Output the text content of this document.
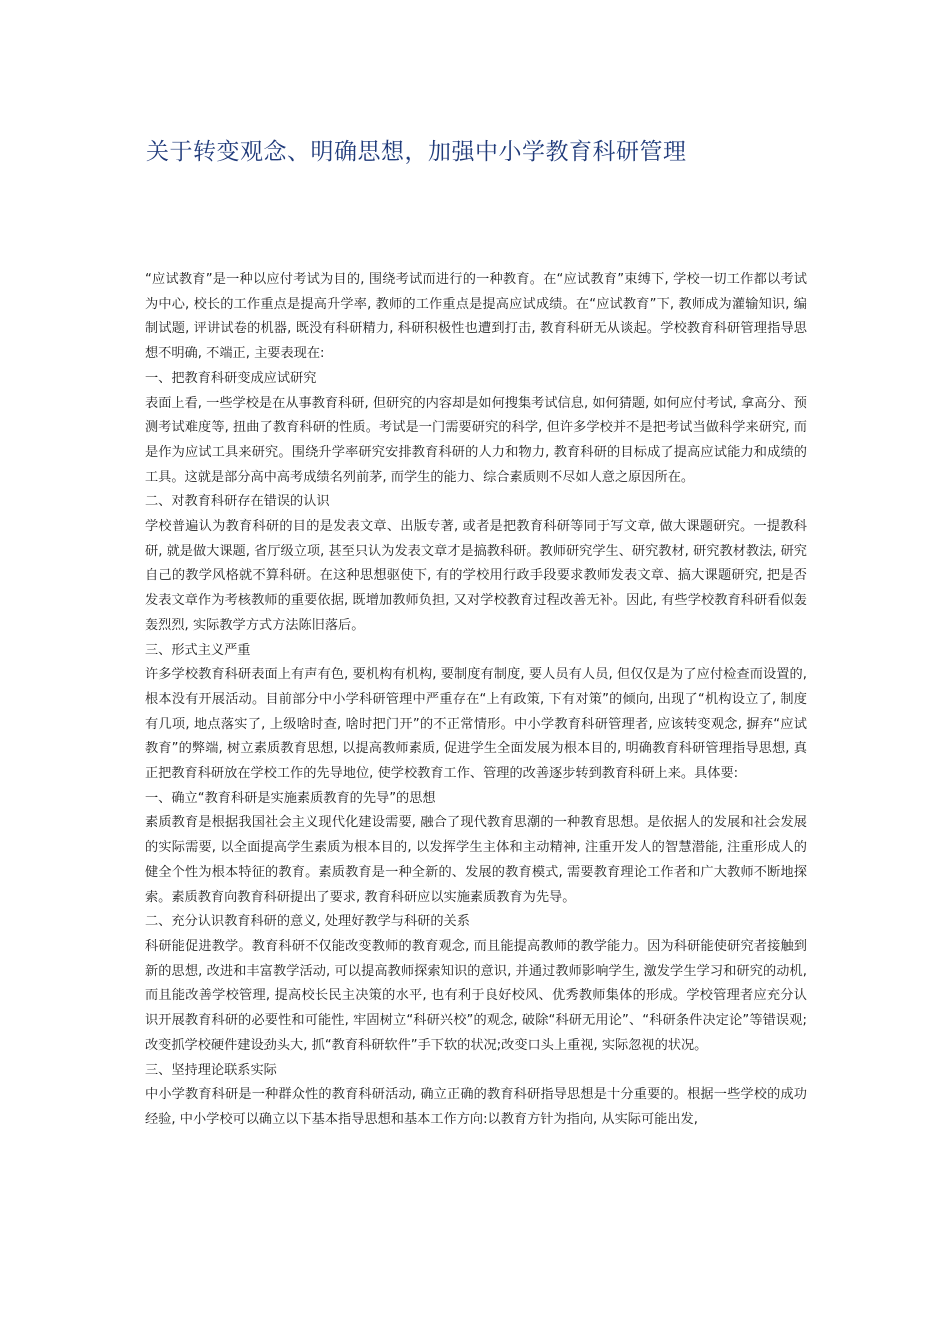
关于转变观念、明确思想，加强中小学教育科研管理

“应试教育”是一种以应付考试为目的, 围绕考试而进行的一种教育。在“应试教育”束缚下, 学校一切工作都以考试为中心, 校长的工作重点是提高升学率, 教师的工作重点是提高应试成绩。在“应试教育”下, 教师成为灌输知识, 编制试题, 评讲试卷的机器, 既没有科研精力, 科研积极性也遭到打击, 教育科研无从谈起。学校教育科研管理指导思想不明确, 不端正, 主要表现在:

一、把教育科研变成应试研究

表面上看, 一些学校是在从事教育科研, 但研究的内容却是如何搜集考试信息, 如何猜题, 如何应付考试, 拿高分、预测考试难度等, 扭曲了教育科研的性质。考试是一门需要研究的科学, 但许多学校并不是把考试当做科学来研究, 而是作为应试工具来研究。围绕升学率研究安排教育科研的人力和物力, 教育科研的目标成了提高应试能力和成绩的工具。这就是部分高中高考成绩名列前茅, 而学生的能力、综合素质则不尽如人意之原因所在。

二、对教育科研存在错误的认识

学校普遍认为教育科研的目的是发表文章、出版专著, 或者是把教育科研等同于写文章, 做大课题研究。一提教科研, 就是做大课题, 省厅级立项, 甚至只认为发表文章才是搞教科研。教师研究学生、研究教材, 研究教材教法, 研究自己的教学风格就不算科研。在这种思想驱使下, 有的学校用行政手段要求教师发表文章、搞大课题研究, 把是否发表文章作为考核教师的重要依据, 既增加教师负担, 又对学校教育过程改善无补。因此, 有些学校教育科研看似轰轰烈烈, 实际教学方式方法陈旧落后。

三、形式主义严重

许多学校教育科研表面上有声有色, 要机构有机构, 要制度有制度, 要人员有人员, 但仅仅是为了应付检查而设置的, 根本没有开展活动。目前部分中小学科研管理中严重存在“上有政策, 下有对策”的倾向, 出现了“机构设立了, 制度有几项, 地点落实了, 上级啥时查, 啥时把门开”的不正常情形。中小学教育科研管理者, 应该转变观念, 摒弃“应试教育”的弊端, 树立素质教育思想, 以提高教师素质, 促进学生全面发展为根本目的, 明确教育科研管理指导思想, 真正把教育科研放在学校工作的先导地位, 使学校教育工作、管理的改善逐步转到教育科研上来。具体要:

一、确立“教育科研是实施素质教育的先导”的思想

素质教育是根据我国社会主义现代化建设需要, 融合了现代教育思潮的一种教育思想。是依据人的发展和社会发展的实际需要, 以全面提高学生素质为根本目的, 以发挥学生主体和主动精神, 注重开发人的智慧潜能, 注重形成人的健全个性为根本特征的教育。素质教育是一种全新的、发展的教育模式, 需要教育理论工作者和广大教师不断地探索。素质教育向教育科研提出了要求, 教育科研应以实施素质教育为先导。

二、充分认识教育科研的意义, 处理好教学与科研的关系

科研能促进教学。教育科研不仅能改变教师的教育观念, 而且能提高教师的教学能力。因为科研能使研究者接触到新的思想, 改进和丰富教学活动, 可以提高教师探索知识的意识, 并通过教师影响学生, 激发学生学习和研究的动机, 而且能改善学校管理, 提高校长民主决策的水平, 也有利于良好校风、优秀教师集体的形成。学校管理者应充分认识开展教育科研的必要性和可能性, 牢固树立“科研兴校”的观念, 破除“科研无用论”、“科研条件决定论”等错误观;改变抓学校硬件建设劲头大, 抓“教育科研软件”手下软的状况;改变口头上重视, 实际忽视的状况。

三、坚持理论联系实际

中小学教育科研是一种群众性的教育科研活动, 确立正确的教育科研指导思想是十分重要的。根据一些学校的成功经验, 中小学校可以确立以下基本指导思想和基本工作方向:以教育方针为指向, 从实际可能出发,
